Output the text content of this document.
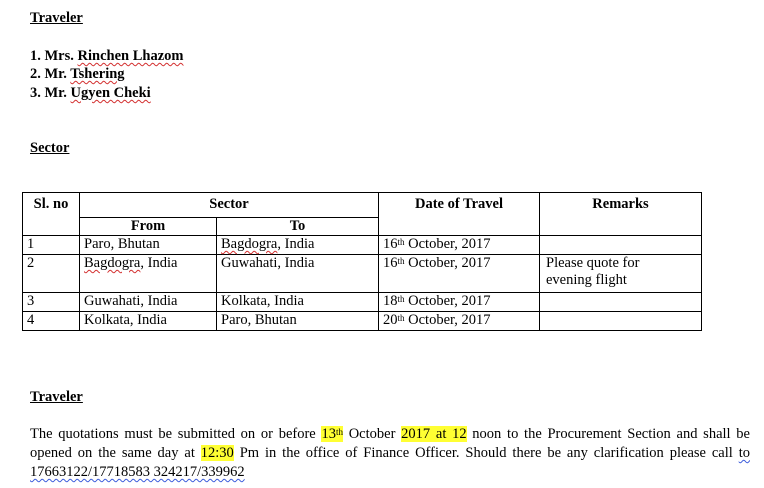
Traveler
1. Mrs. Rinchen Lhazom
2. Mr. Tshering
3. Mr. Ugyen Cheki
Sector
Sl. no	Sector		Date of Travel	Remarks
	From	To		
1	Paro, Bhutan	Bagdogra, India	16th October, 2017	
2	Bagdogra, India	Guwahati, India	16th October, 2017	Please quote for
evening flight
3	Guwahati, India	Kolkata, India	18th October, 2017	
4	Kolkata, India	Paro, Bhutan	20th October, 2017	
Traveler
The quotations must be submitted on or before 13th October 2017 at 12 noon to the Procurement Section and shall be opened on the same day at 12:30 Pm in the office of Finance Officer. Should there be any clarification please call to 17663122/17718583 324217/339962
